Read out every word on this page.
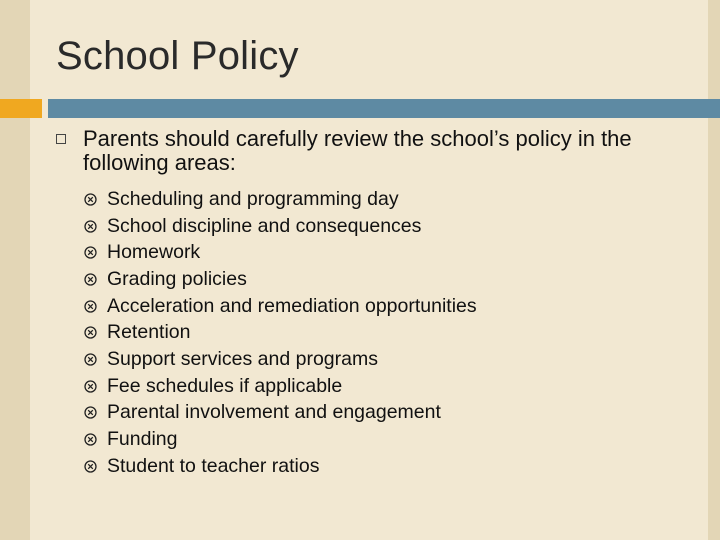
School Policy
Parents should carefully review the school’s policy in the following areas:
Scheduling and programming day
School discipline and consequences
Homework
Grading policies
Acceleration and remediation opportunities
Retention
Support services and programs
Fee schedules if applicable
Parental involvement and engagement
Funding
Student to teacher ratios
